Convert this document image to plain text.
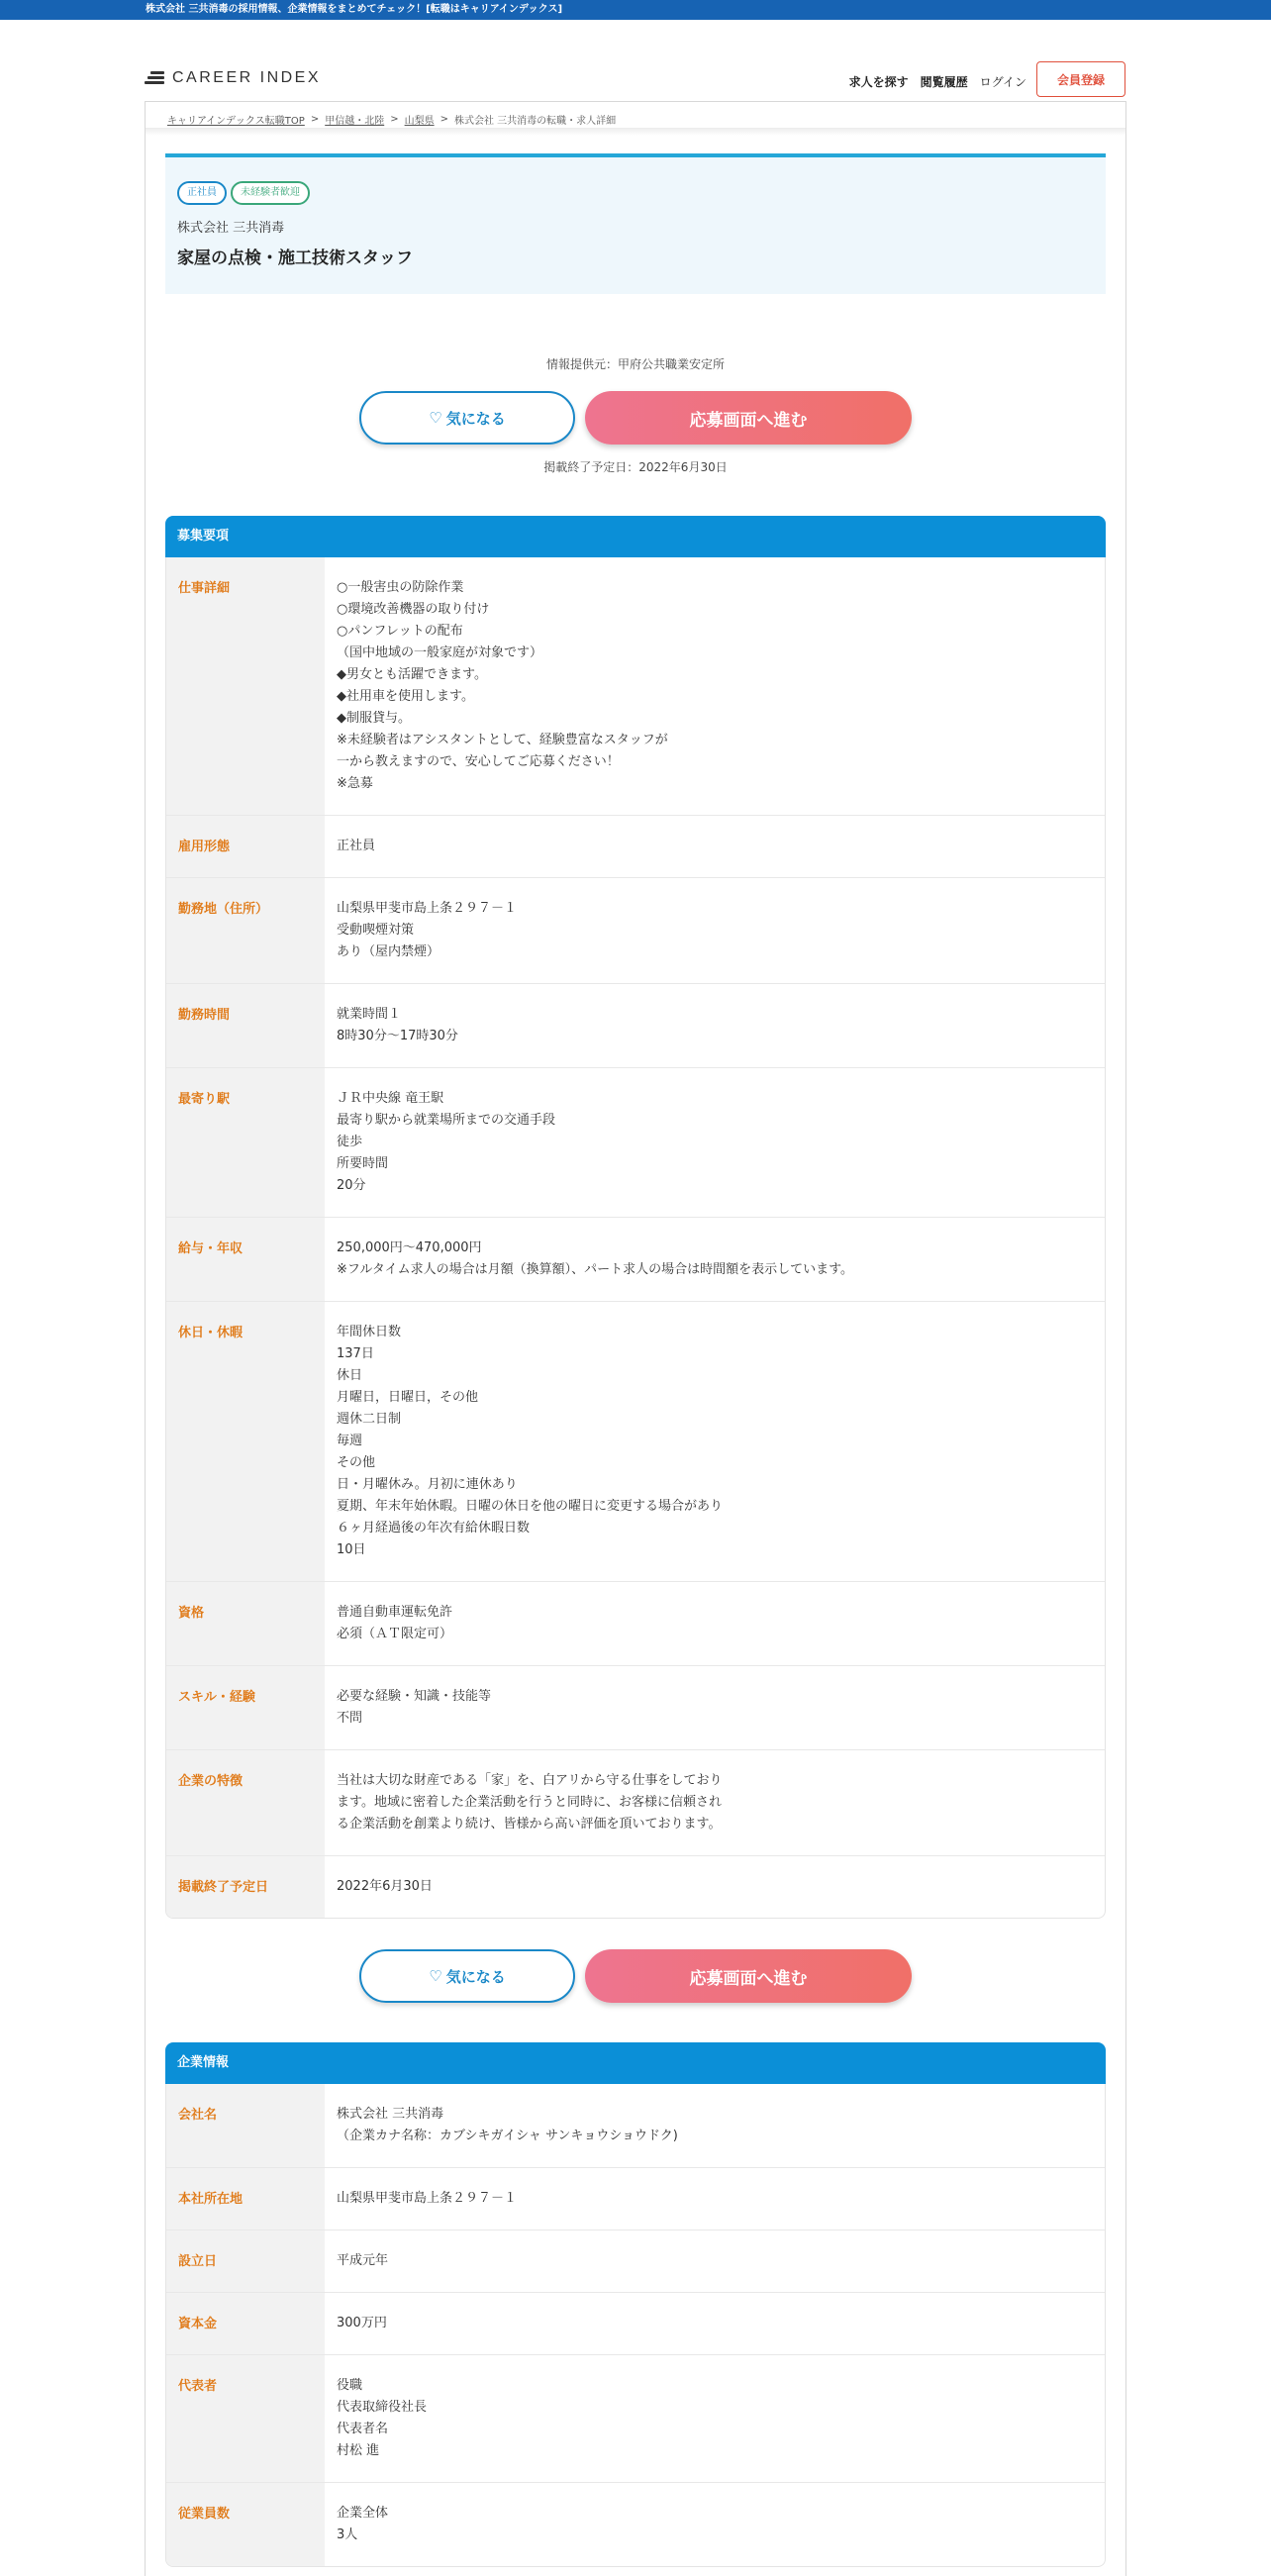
株式会社 三共消毒の採用情報、企業情報をまとめてチェック！[転職はキャリアインデックス]
CAREER INDEX	求人を探す 閲覧履歴 ログイン	会員登録
キャリアインデックス転職TOP > 甲信越・北陸 > 山梨県 > 株式会社 三共消毒の転職・求人詳細
正社員	未経験者歓迎
株式会社 三共消毒
家屋の点検・施工技術スタッフ
情報提供元：甲府公共職業安定所
♡ 気になる	応募画面へ進む
掲載終了予定日：2022年6月30日
募集要項
仕事詳細	○一般害虫の防除作業
○環境改善機器の取り付け
○パンフレットの配布
（国中地域の一般家庭が対象です）
◆男女とも活躍できます。
◆社用車を使用します。
◆制服貸与。
※未経験者はアシスタントとして、経験豊富なスタッフが
一から教えますので、安心してご応募ください！
※急募
雇用形態	正社員
勤務地（住所）	山梨県甲斐市島上条２９７－１
受動喫煙対策
あり（屋内禁煙）
勤務時間	就業時間１
8時30分〜17時30分
最寄り駅	ＪＲ中央線 竜王駅
最寄り駅から就業場所までの交通手段
徒歩
所要時間
20分
給与・年収	250,000円〜470,000円
※フルタイム求人の場合は月額（換算額）、パート求人の場合は時間額を表示しています。
休日・休暇	年間休日数
137日
休日
月曜日，日曜日，その他
週休二日制
毎週
その他
日・月曜休み。月初に連休あり
夏期、年末年始休暇。日曜の休日を他の曜日に変更する場合があり
６ヶ月経過後の年次有給休暇日数
10日
資格	普通自動車運転免許
必須（ＡＴ限定可）
スキル・経験	必要な経験・知識・技能等
不問
企業の特徴	当社は大切な財産である「家」を、白アリから守る仕事をしており
ます。地域に密着した企業活動を行うと同時に、お客様に信頼され
る企業活動を創業より続け、皆様から高い評価を頂いております。
掲載終了予定日	2022年6月30日
♡ 気になる	応募画面へ進む
企業情報
会社名	株式会社 三共消毒
（企業カナ名称：カブシキガイシャ サンキョウショウドク)
本社所在地	山梨県甲斐市島上条２９７－１
設立日	平成元年
資本金	300万円
代表者	役職
代表取締役社長
代表者名
村松 進
従業員数	企業全体
3人
